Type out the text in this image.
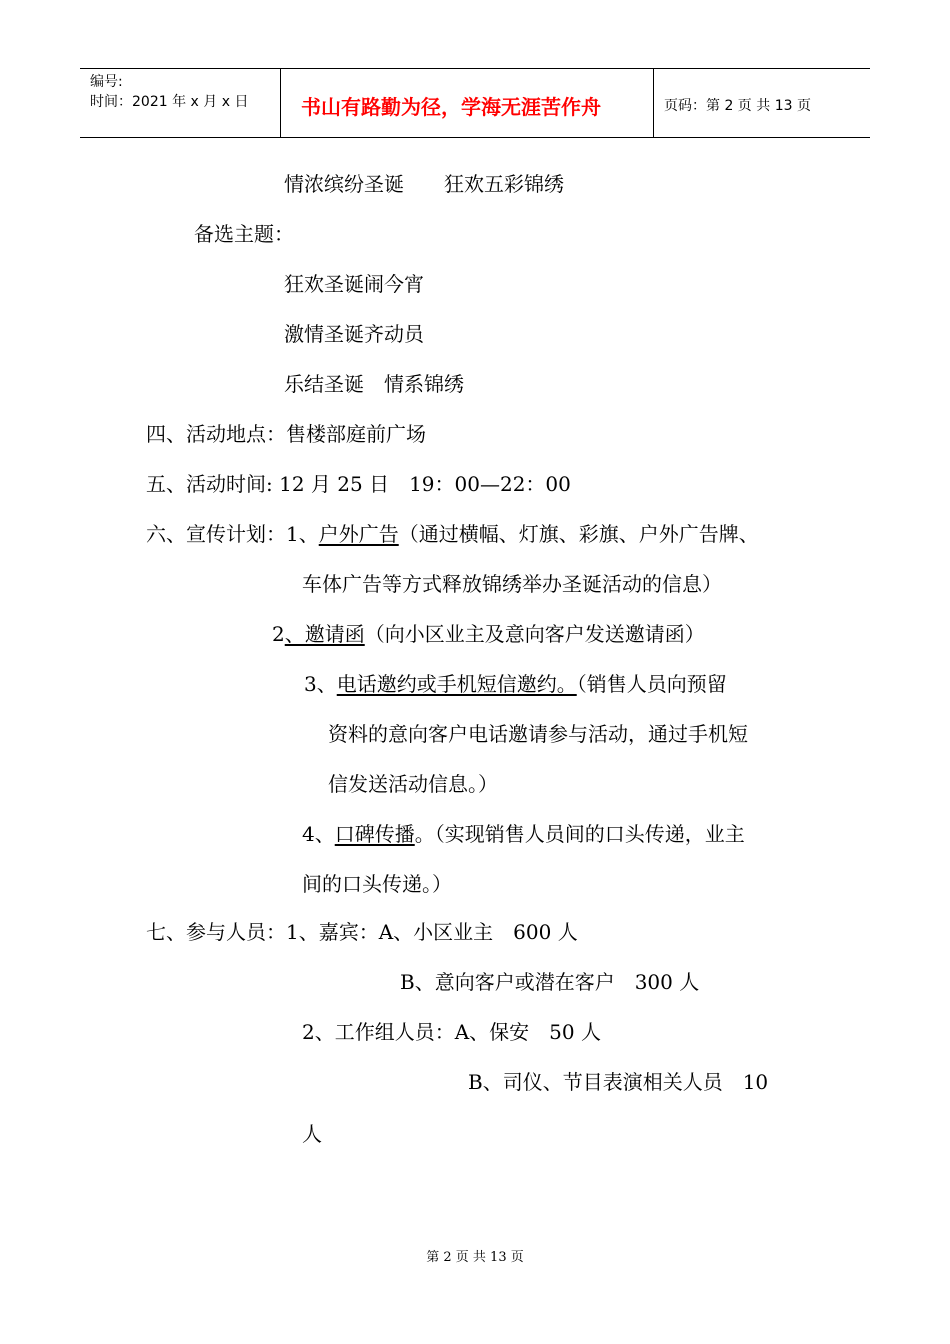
编号:
时间：2021 年 x 月 x 日	书山有路勤为径，学海无涯苦作舟	页码：第 2 页 共 13 页
情浓缤纷圣诞　　狂欢五彩锦绣
备选主题：
狂欢圣诞闹今宵
激情圣诞齐动员
乐结圣诞　情系锦绣
四、活动地点：售楼部庭前广场
五、活动时间: 12 月 25 日　19：00—22：00
六、宣传计划：1、户外广告（通过横幅、灯旗、彩旗、户外广告牌、
车体广告等方式释放锦绣举办圣诞活动的信息）
2、邀请函（向小区业主及意向客户发送邀请函）
3、电话邀约或手机短信邀约。（销售人员向预留
资料的意向客户电话邀请参与活动，通过手机短
信发送活动信息。）
4、口碑传播。（实现销售人员间的口头传递，业主
间的口头传递。）
七、参与人员：1、嘉宾：A、小区业主　600 人
B、意向客户或潜在客户　300 人
2、工作组人员：A、保安　50 人
B、司仪、节目表演相关人员　10
人
第 2 页 共 13 页
